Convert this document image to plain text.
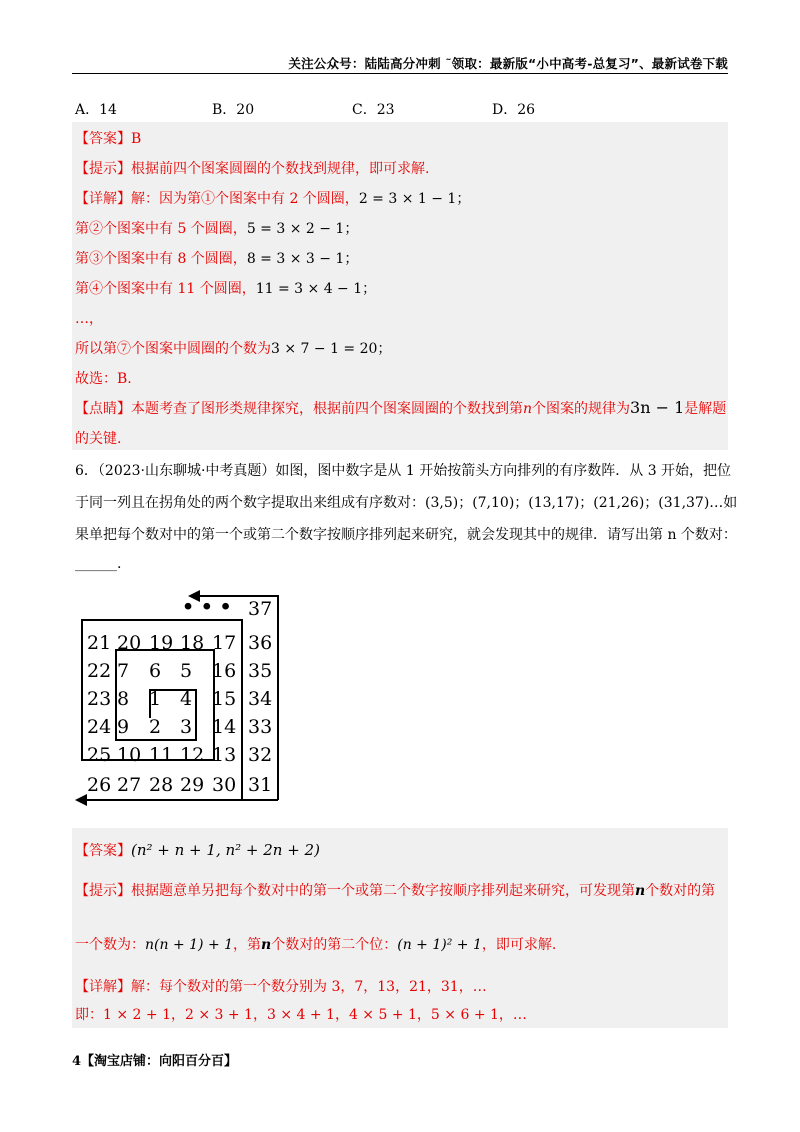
关注公众号：陆陆高分冲刺 ˜领取：最新版“小中高考-总复习”、最新试卷下载
A．14	B．20	C．23	D．26
【答案】B
【提示】根据前四个图案圆圈的个数找到规律，即可求解.
【详解】解：因为第①个图案中有 2 个圆圈，2 = 3 × 1 − 1；
第②个图案中有 5 个圆圈，5 = 3 × 2 − 1；
第③个图案中有 8 个圆圈，8 = 3 × 3 − 1；
第④个图案中有 11 个圆圈，11 = 3 × 4 − 1；
…，
所以第⑦个图案中圆圈的个数为3 × 7 − 1 = 20；
故选：B.
【点睛】本题考查了图形类规律探究，根据前四个图案圆圈的个数找到第n个图案的规律为3n − 1是解题
的关键.
6．（2023·山东聊城·中考真题）如图，图中数字是从 1 开始按箭头方向排列的有序数阵．从 3 开始，把位
于同一列且在拐角处的两个数字提取出来组成有序数对：(3,5)；(7,10)；(13,17)；(21,26)；(31,37)…如
果单把每个数对中的第一个或第二个数字按顺序排列起来研究，就会发现其中的规律．请写出第 n 个数对：
______.
21 20 19 18 17 36
22 7 6 5 16 35
23 8 1 4 15 34
24 9 2 3 14 33
25 10 11 12 13 32
26 27 28 29 30 31
37
• • •
【答案】(n² + n + 1, n² + 2n + 2)
【提示】根据题意单另把每个数对中的第一个或第二个数字按顺序排列起来研究，可发现第n个数对的第
一个数为：n(n + 1) + 1，第n个数对的第二个位：(n + 1)² + 1，即可求解.
【详解】解：每个数对的第一个数分别为 3，7，13，21，31，…
即：1 × 2 + 1，2 × 3 + 1，3 × 4 + 1，4 × 5 + 1，5 × 6 + 1，…
4【淘宝店铺：向阳百分百】
